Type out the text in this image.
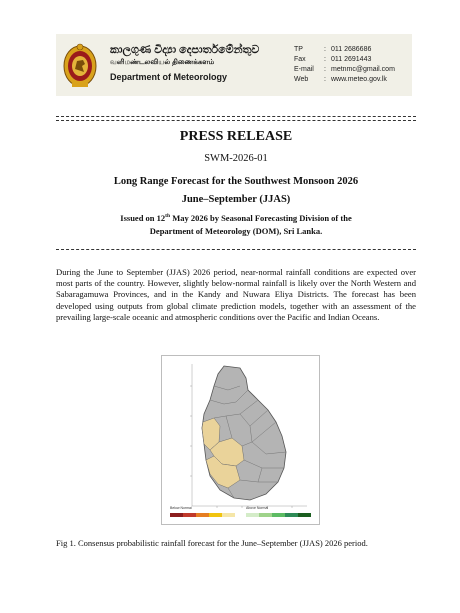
කාලගුණ විද්‍යා දෙපාර්තමේන්තුව
வளிமண்டலவியல் திணைக்களம்
Department of Meteorology
TP	: 011 2686686
Fax	: 011 2691443
E-mail	: metnmc@gmail.com
Web	: www.meteo.gov.lk
PRESS RELEASE
SWM-2026-01
Long Range Forecast for the Southwest Monsoon 2026
June–September (JJAS)
Issued on 12th May 2026 by Seasonal Forecasting Division of the
Department of Meteorology (DOM), Sri Lanka.
During the June to September (JJAS) 2026 period, near-normal rainfall conditions are expected over most parts of the country. However, slightly below-normal rainfall is likely over the North Western and Sabaragamuwa Provinces, and in the Kandy and Nuwara Eliya Districts. The forecast has been developed using outputs from global climate prediction models, together with an assessment of the prevailing large-scale oceanic and atmospheric conditions over the Pacific and Indian Oceans.
Below Normal	Above Normal
Fig 1. Consensus probabilistic rainfall forecast for the June–September (JJAS) 2026 period.
